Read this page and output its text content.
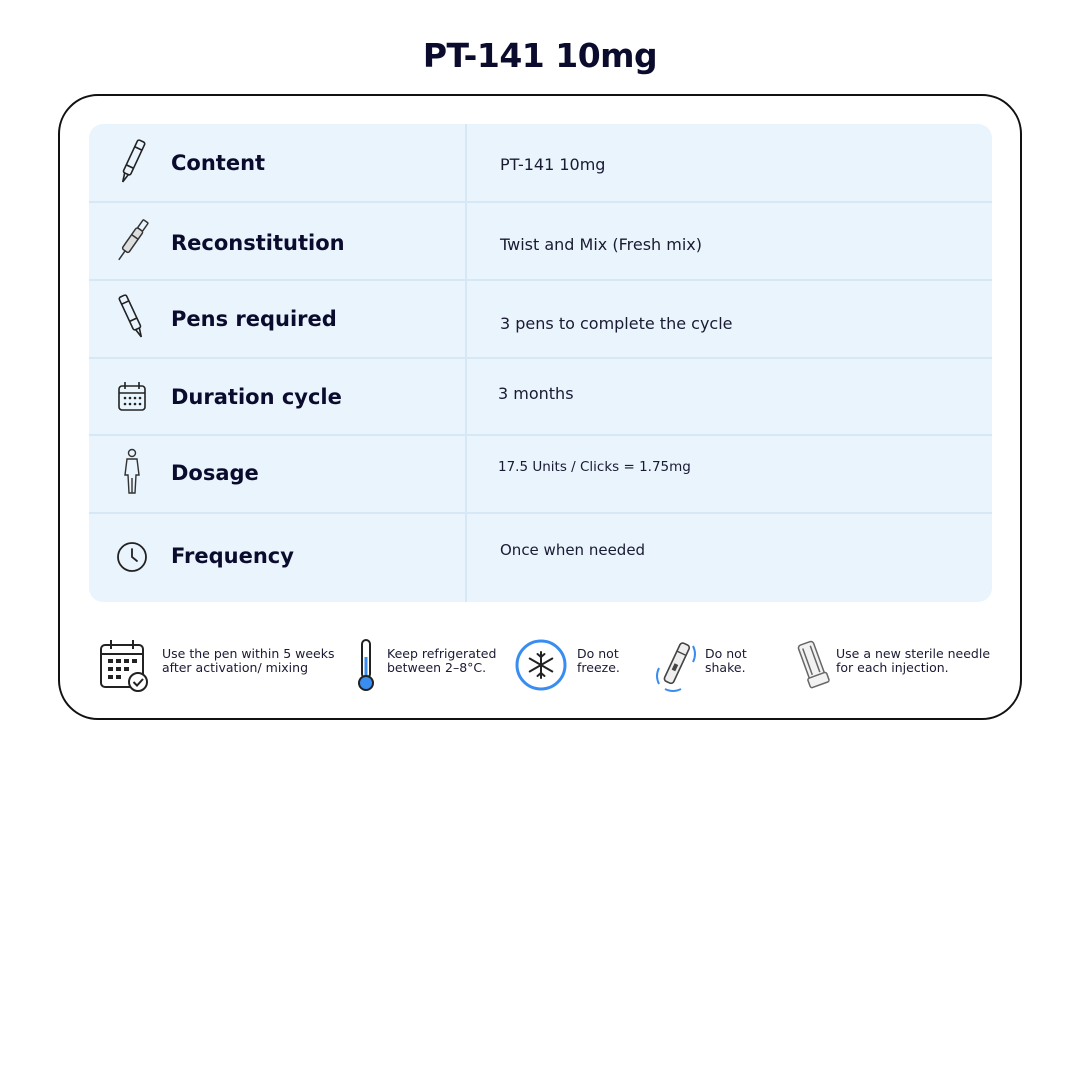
PT-141 10mg
Content	PT-141 10mg
Reconstitution	Twist and Mix (Fresh mix)
Pens required	3 pens to complete the cycle
Duration cycle	3 months
Dosage	17.5 Units / Clicks = 1.75mg
Frequency	Once when needed
Use the pen within 5 weeks
after activation/ mixing
Keep refrigerated
between 2–8°C.
Do not
freeze.
Do not
shake.
Use a new sterile needle
for each injection.
